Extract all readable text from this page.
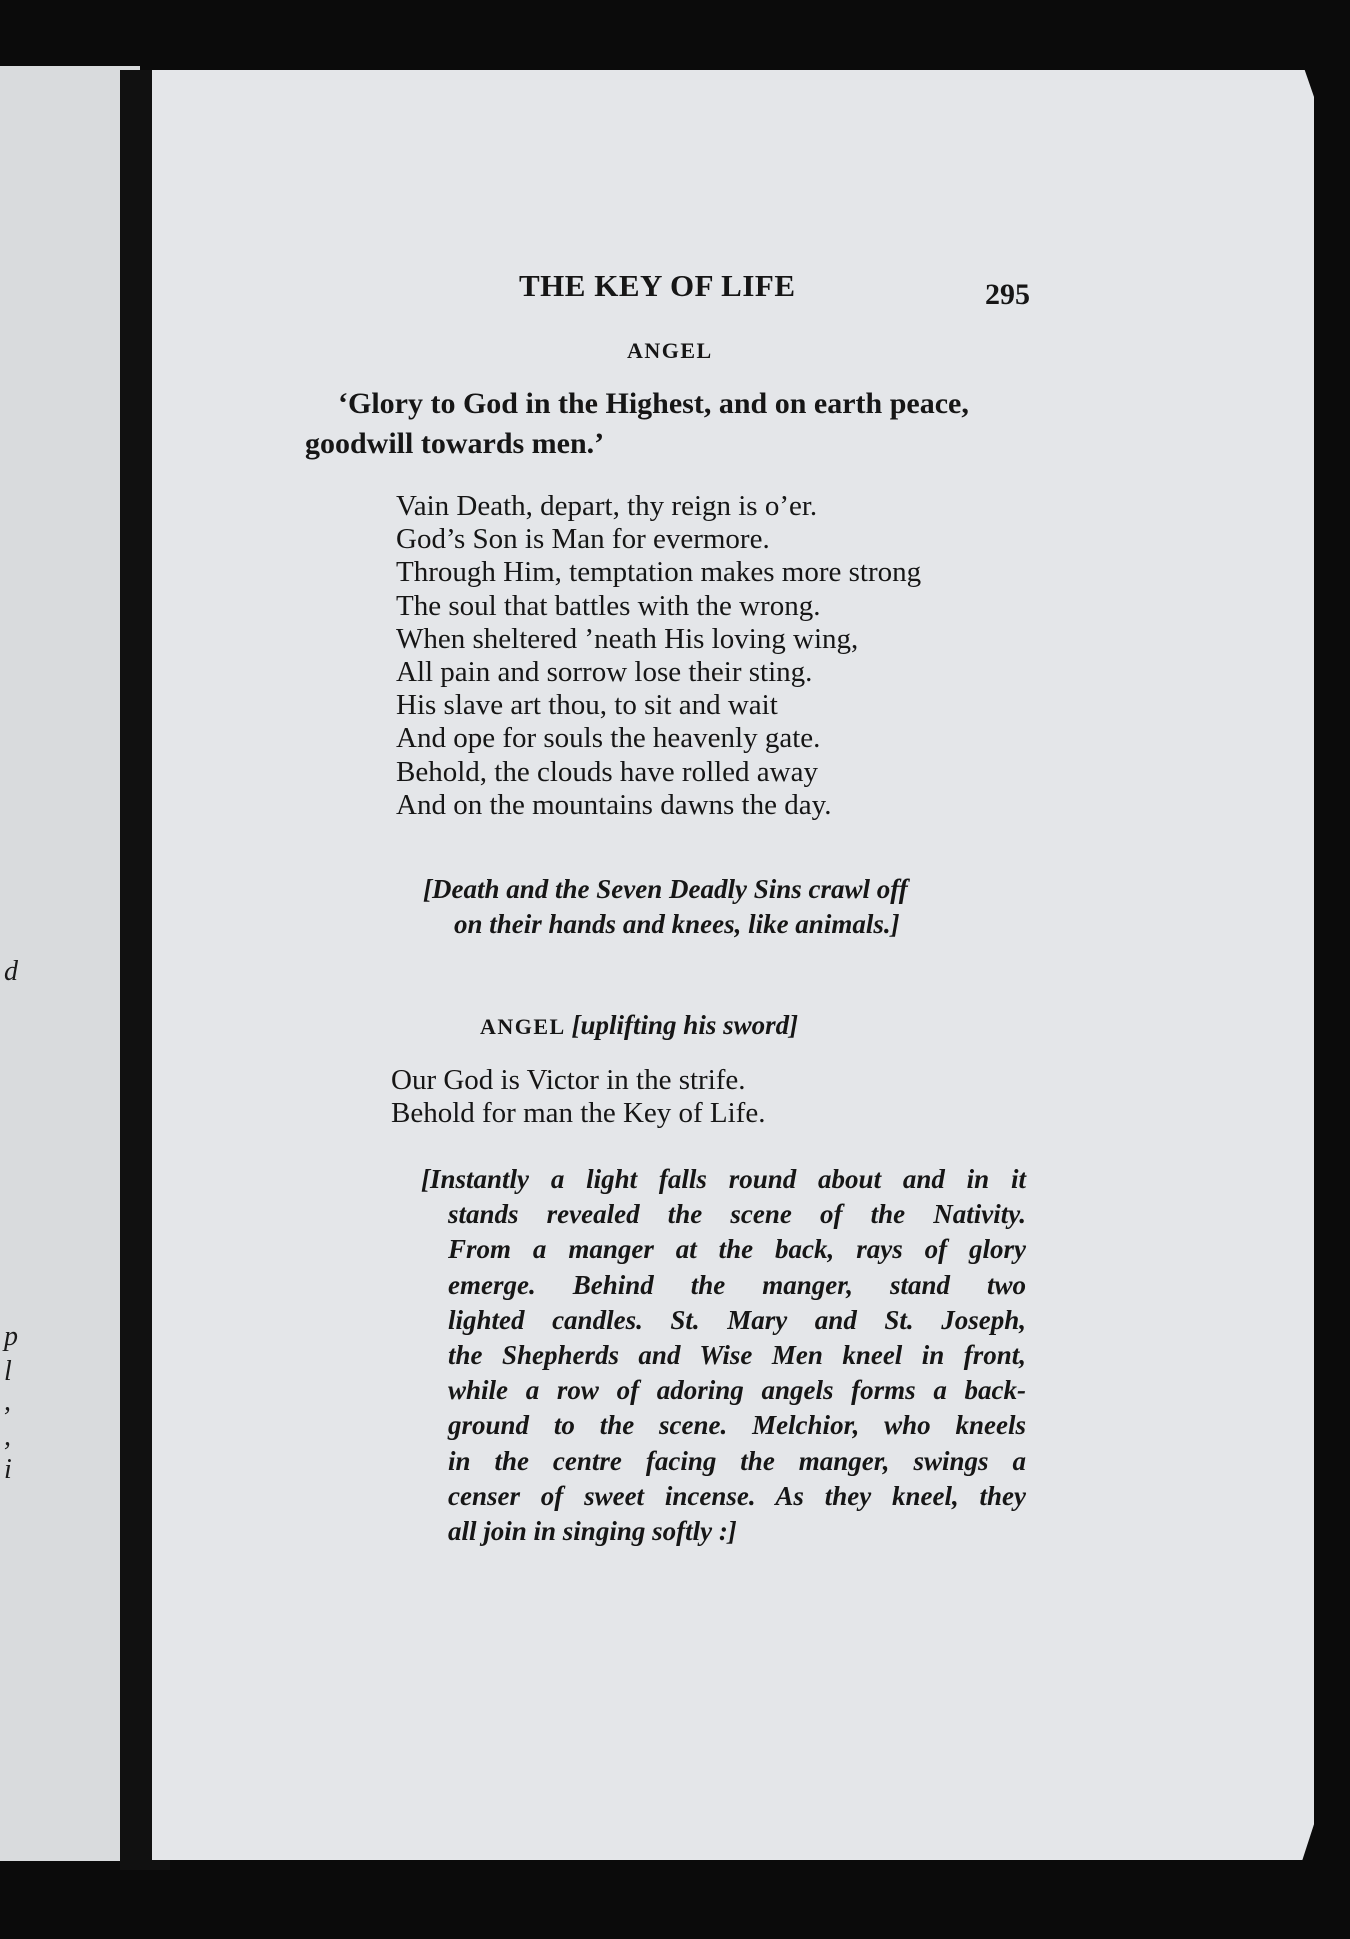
d
p
l
,
,
i
THE KEY OF LIFE	295
ANGEL
‘Glory to God in the Highest, and on earth peace,
goodwill towards men.’
Vain Death, depart, thy reign is o’er.
God’s Son is Man for evermore.
Through Him, temptation makes more strong
The soul that battles with the wrong.
When sheltered ’neath His loving wing,
All pain and sorrow lose their sting.
His slave art thou, to sit and wait
And ope for souls the heavenly gate.
Behold, the clouds have rolled away
And on the mountains dawns the day.
[Death and the Seven Deadly Sins crawl off
on their hands and knees, like animals.]
ANGEL [uplifting his sword]
Our God is Victor in the strife.
Behold for man the Key of Life.
[Instantly a light falls round about and in it
stands revealed the scene of the Nativity.
From a manger at the back, rays of glory
emerge. Behind the manger, stand two
lighted candles. St. Mary and St. Joseph,
the Shepherds and Wise Men kneel in front,
while a row of adoring angels forms a back-
ground to the scene. Melchior, who kneels
in the centre facing the manger, swings a
censer of sweet incense. As they kneel, they
all join in singing softly :]
